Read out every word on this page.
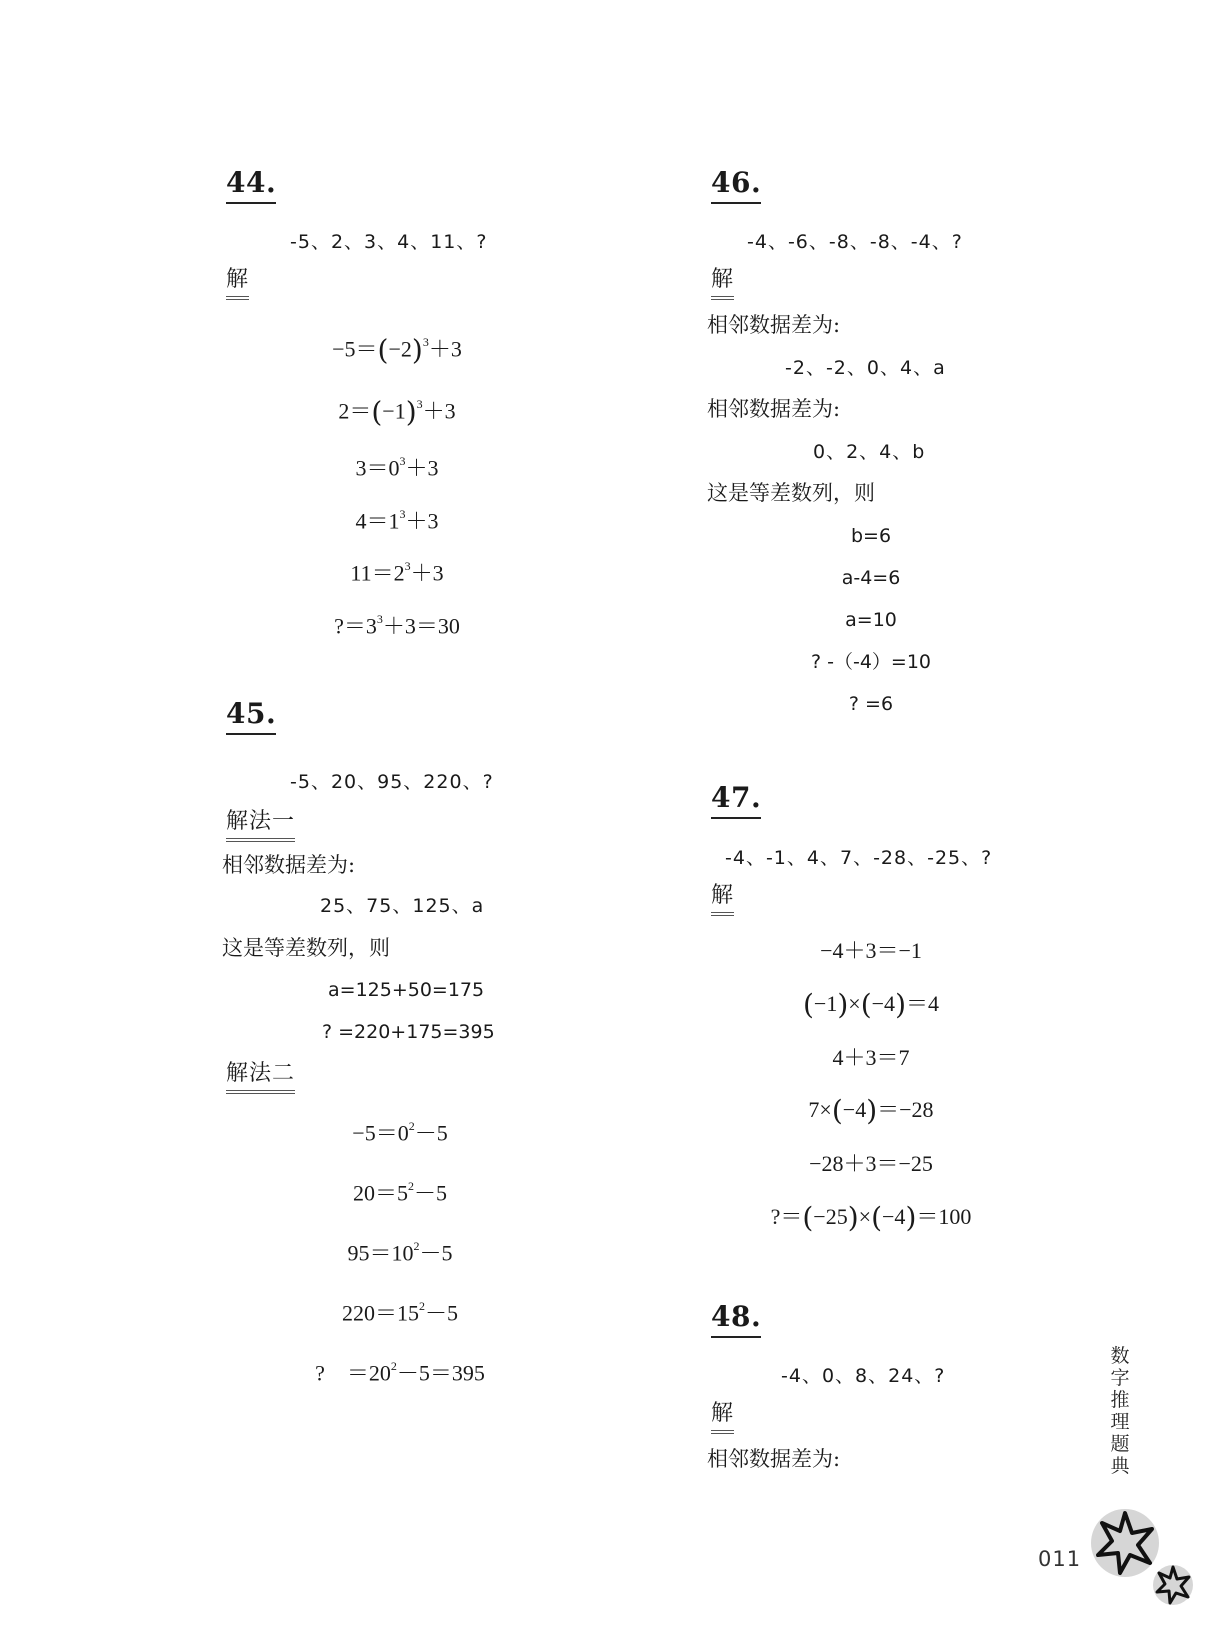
44.
-5、2、3、4、11、?
解
$-5=(-2)^3+3$
$2=(-1)^3+3$
$3=0^3+3$
$4=1^3+3$
$11=2^3+3$
$?=3^3+3=30$
45.
-5、20、95、220、?
解法一
相邻数据差为:
25、75、125、a
这是等差数列，则
a=125+50=175
? =220+175=395
解法二
$-5=0^2-5$
$20=5^2-5$
$95=10^2-5$
$220=15^2-5$
?　$=20^2-5=395$
46.
-4、-6、-8、-8、-4、?
解
相邻数据差为:
-2、-2、0、4、a
相邻数据差为:
0、2、4、b
这是等差数列，则
b=6
a-4=6
a=10
? -（-4）=10
? =6
47.
-4、-1、4、7、-28、-25、?
解
−4＋3＝−1
(−1)×(−4)＝4
4＋3＝7
7×(−4)＝−28
−28＋3＝−25
?＝(−25)×(−4)＝100
48.
-4、0、8、24、?
解
相邻数据差为:
数字推理题典
011
